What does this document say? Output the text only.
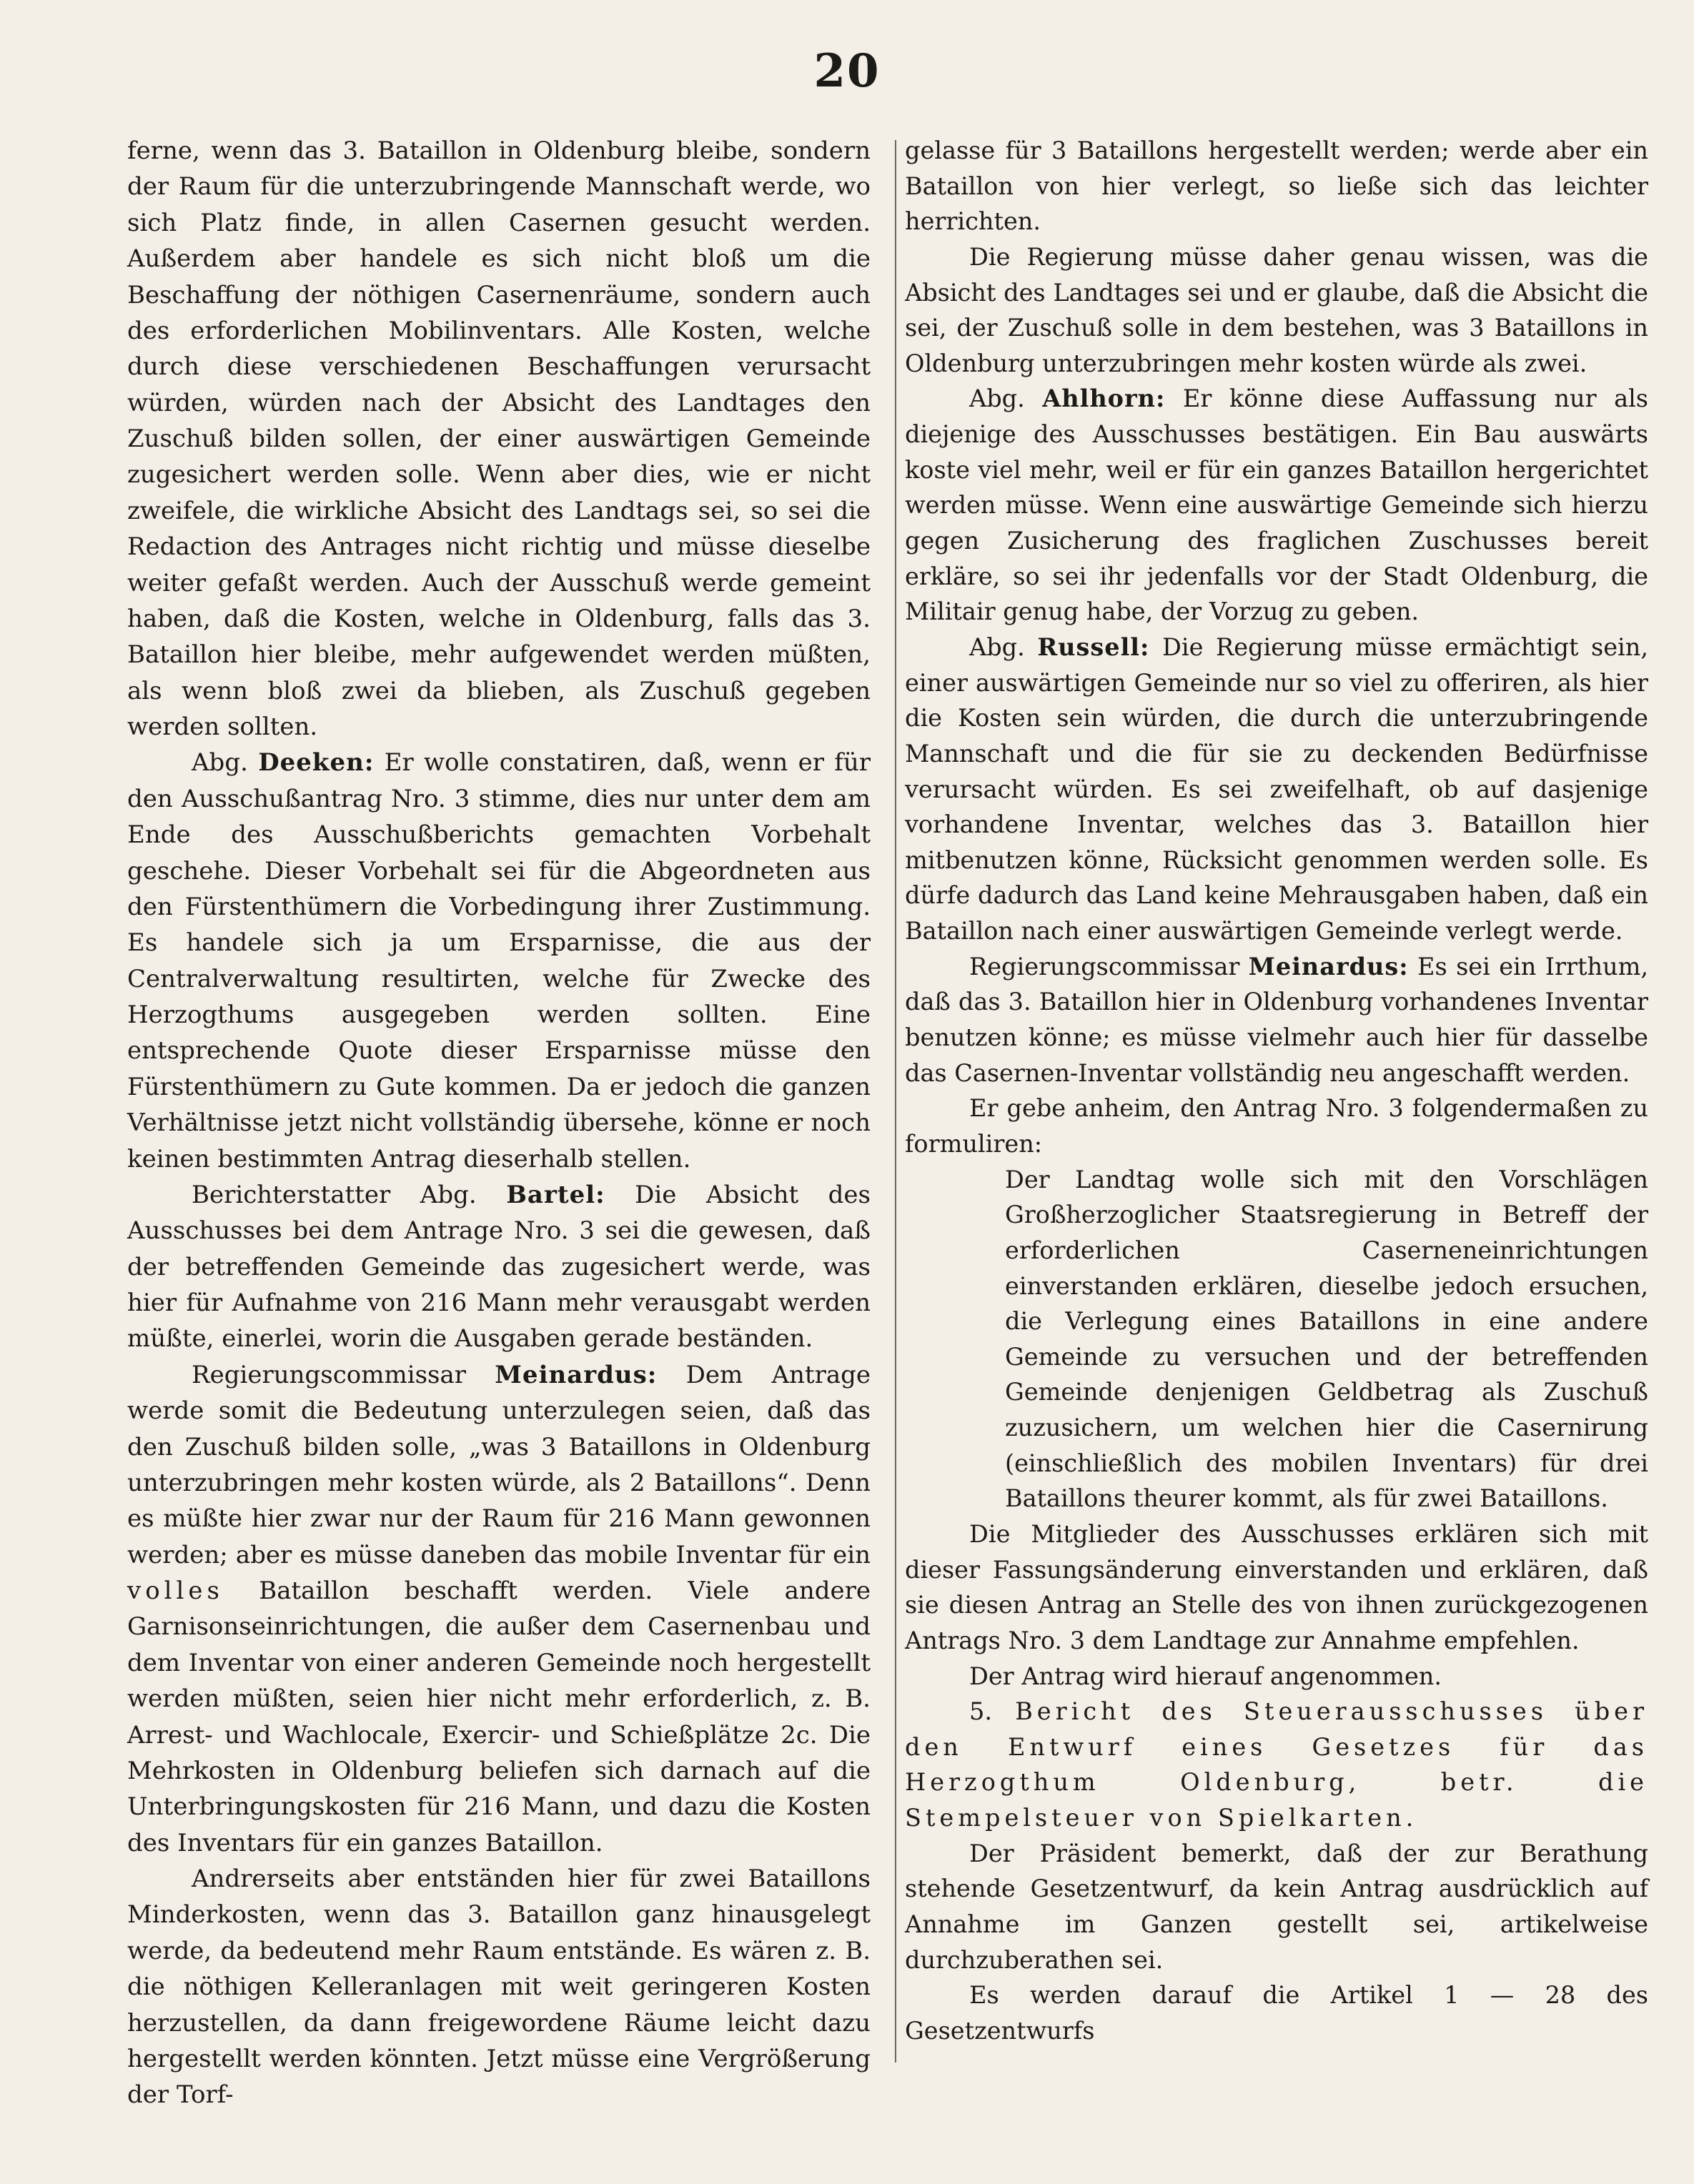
20

ferne, wenn das 3. Bataillon in Oldenburg bleibe, sondern der Raum für die unterzubringende Mannschaft werde, wo sich Platz finde, in allen Casernen gesucht werden. Außerdem aber handele es sich nicht bloß um die Beschaffung der nöthigen Casernenräume, sondern auch des erforderlichen Mobilinventars. Alle Kosten, welche durch diese verschiedenen Beschaffungen verursacht würden, würden nach der Absicht des Landtages den Zuschuß bilden sollen, der einer auswärtigen Gemeinde zugesichert werden solle. Wenn aber dies, wie er nicht zweifele, die wirkliche Absicht des Landtags sei, so sei die Redaction des Antrages nicht richtig und müsse dieselbe weiter gefaßt werden. Auch der Ausschuß werde gemeint haben, daß die Kosten, welche in Oldenburg, falls das 3. Bataillon hier bleibe, mehr aufgewendet werden müßten, als wenn bloß zwei da blieben, als Zuschuß gegeben werden sollten.

Abg. Deeken: Er wolle constatiren, daß, wenn er für den Ausschußantrag Nro. 3 stimme, dies nur unter dem am Ende des Ausschußberichts gemachten Vorbehalt geschehe. Dieser Vorbehalt sei für die Abgeordneten aus den Fürstenthümern die Vorbedingung ihrer Zustimmung. Es handele sich ja um Ersparnisse, die aus der Centralverwaltung resultirten, welche für Zwecke des Herzogthums ausgegeben werden sollten. Eine entsprechende Quote dieser Ersparnisse müsse den Fürstenthümern zu Gute kommen. Da er jedoch die ganzen Verhältnisse jetzt nicht vollständig übersehe, könne er noch keinen bestimmten Antrag dieserhalb stellen.

Berichterstatter Abg. Bartel: Die Absicht des Ausschusses bei dem Antrage Nro. 3 sei die gewesen, daß der betreffenden Gemeinde das zugesichert werde, was hier für Aufnahme von 216 Mann mehr verausgabt werden müßte, einerlei, worin die Ausgaben gerade beständen.

Regierungscommissar Meinardus: Dem Antrage werde somit die Bedeutung unterzulegen seien, daß das den Zuschuß bilden solle, „was 3 Bataillons in Oldenburg unterzubringen mehr kosten würde, als 2 Bataillons“. Denn es müßte hier zwar nur der Raum für 216 Mann gewonnen werden; aber es müsse daneben das mobile Inventar für ein volles Bataillon beschafft werden. Viele andere Garnisonseinrichtungen, die außer dem Casernenbau und dem Inventar von einer anderen Gemeinde noch hergestellt werden müßten, seien hier nicht mehr erforderlich, z. B. Arrest- und Wachlocale, Exercir- und Schießplätze 2c. Die Mehrkosten in Oldenburg beliefen sich darnach auf die Unterbringungskosten für 216 Mann, und dazu die Kosten des Inventars für ein ganzes Bataillon.

Andrerseits aber entständen hier für zwei Bataillons Minderkosten, wenn das 3. Bataillon ganz hinausgelegt werde, da bedeutend mehr Raum entstände. Es wären z. B. die nöthigen Kelleranlagen mit weit geringeren Kosten herzustellen, da dann freigewordene Räume leicht dazu hergestellt werden könnten. Jetzt müsse eine Vergrößerung der Torf-

gelasse für 3 Bataillons hergestellt werden; werde aber ein Bataillon von hier verlegt, so ließe sich das leichter herrichten.

Die Regierung müsse daher genau wissen, was die Absicht des Landtages sei und er glaube, daß die Absicht die sei, der Zuschuß solle in dem bestehen, was 3 Bataillons in Oldenburg unterzubringen mehr kosten würde als zwei.

Abg. Ahlhorn: Er könne diese Auffassung nur als diejenige des Ausschusses bestätigen. Ein Bau auswärts koste viel mehr, weil er für ein ganzes Bataillon hergerichtet werden müsse. Wenn eine auswärtige Gemeinde sich hierzu gegen Zusicherung des fraglichen Zuschusses bereit erkläre, so sei ihr jedenfalls vor der Stadt Oldenburg, die Militair genug habe, der Vorzug zu geben.

Abg. Russell: Die Regierung müsse ermächtigt sein, einer auswärtigen Gemeinde nur so viel zu offeriren, als hier die Kosten sein würden, die durch die unterzubringende Mannschaft und die für sie zu deckenden Bedürfnisse verursacht würden. Es sei zweifelhaft, ob auf dasjenige vorhandene Inventar, welches das 3. Bataillon hier mitbenutzen könne, Rücksicht genommen werden solle. Es dürfe dadurch das Land keine Mehrausgaben haben, daß ein Bataillon nach einer auswärtigen Gemeinde verlegt werde.

Regierungscommissar Meinardus: Es sei ein Irrthum, daß das 3. Bataillon hier in Oldenburg vorhandenes Inventar benutzen könne; es müsse vielmehr auch hier für dasselbe das Casernen-Inventar vollständig neu angeschafft werden.

Er gebe anheim, den Antrag Nro. 3 folgendermaßen zu formuliren:

Der Landtag wolle sich mit den Vorschlägen Großherzoglicher Staatsregierung in Betreff der erforderlichen Caserneneinrichtungen einverstanden erklären, dieselbe jedoch ersuchen, die Verlegung eines Bataillons in eine andere Gemeinde zu versuchen und der betreffenden Gemeinde denjenigen Geldbetrag als Zuschuß zuzusichern, um welchen hier die Casernirung (einschließlich des mobilen Inventars) für drei Bataillons theurer kommt, als für zwei Bataillons.

Die Mitglieder des Ausschusses erklären sich mit dieser Fassungsänderung einverstanden und erklären, daß sie diesen Antrag an Stelle des von ihnen zurückgezogenen Antrags Nro. 3 dem Landtage zur Annahme empfehlen.

Der Antrag wird hierauf angenommen.

5. Bericht des Steuerausschusses über den Entwurf eines Gesetzes für das Herzogthum Oldenburg, betr. die Stempelsteuer von Spielkarten.

Der Präsident bemerkt, daß der zur Berathung stehende Gesetzentwurf, da kein Antrag ausdrücklich auf Annahme im Ganzen gestellt sei, artikelweise durchzuberathen sei.

Es werden darauf die Artikel 1 — 28 des Gesetzentwurfs
